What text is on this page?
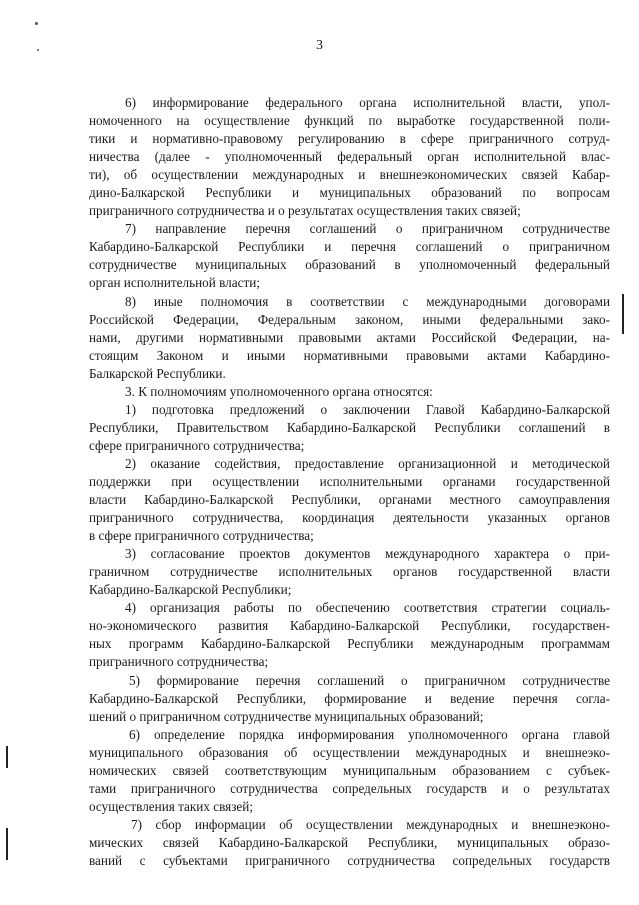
3
6) информирование федерального органа исполнительной власти, упол-
номоченного на осуществление функций по выработке государственной поли-
тики и нормативно-правовому регулированию в сфере приграничного сотруд-
ничества (далее - уполномоченный федеральный орган исполнительной влас-
ти), об осуществлении международных и внешнеэкономических связей Кабар-
дино-Балкарской Республики и муниципальных образований по вопросам
приграничного сотрудничества и о результатах осуществления таких связей;
7) направление перечня соглашений о приграничном сотрудничестве
Кабардино-Балкарской Республики и перечня соглашений о приграничном
сотрудничестве муниципальных образований в уполномоченный федеральный
орган исполнительной власти;
8) иные полномочия в соответствии с международными договорами
Российской Федерации, Федеральным законом, иными федеральными зако-
нами, другими нормативными правовыми актами Российской Федерации, на-
стоящим Законом и иными нормативными правовыми актами Кабардино-
Балкарской Республики.
3. К полномочиям уполномоченного органа относятся:
1) подготовка предложений о заключении Главой Кабардино-Балкарской
Республики, Правительством Кабардино-Балкарской Республики соглашений в
сфере приграничного сотрудничества;
2) оказание содействия, предоставление организационной и методической
поддержки при осуществлении исполнительными органами государственной
власти Кабардино-Балкарской Республики, органами местного самоуправления
приграничного сотрудничества, координация деятельности указанных органов
в сфере приграничного сотрудничества;
3) согласование проектов документов международного характера о при-
граничном сотрудничестве исполнительных органов государственной власти
Кабардино-Балкарской Республики;
4) организация работы по обеспечению соответствия стратегии социаль-
но-экономического развития Кабардино-Балкарской Республики, государствен-
ных программ Кабардино-Балкарской Республики международным программам
приграничного сотрудничества;
5) формирование перечня соглашений о приграничном сотрудничестве
Кабардино-Балкарской Республики, формирование и ведение перечня согла-
шений о приграничном сотрудничестве муниципальных образований;
6) определение порядка информирования уполномоченного органа главой
муниципального образования об осуществлении международных и внешнеэко-
номических связей соответствующим муниципальным образованием с субъек-
тами приграничного сотрудничества сопредельных государств и о результатах
осуществления таких связей;
7) сбор информации об осуществлении международных и внешнеэконо-
мических связей Кабардино-Балкарской Республики, муниципальных образо-
ваний с субъектами приграничного сотрудничества сопредельных государств
